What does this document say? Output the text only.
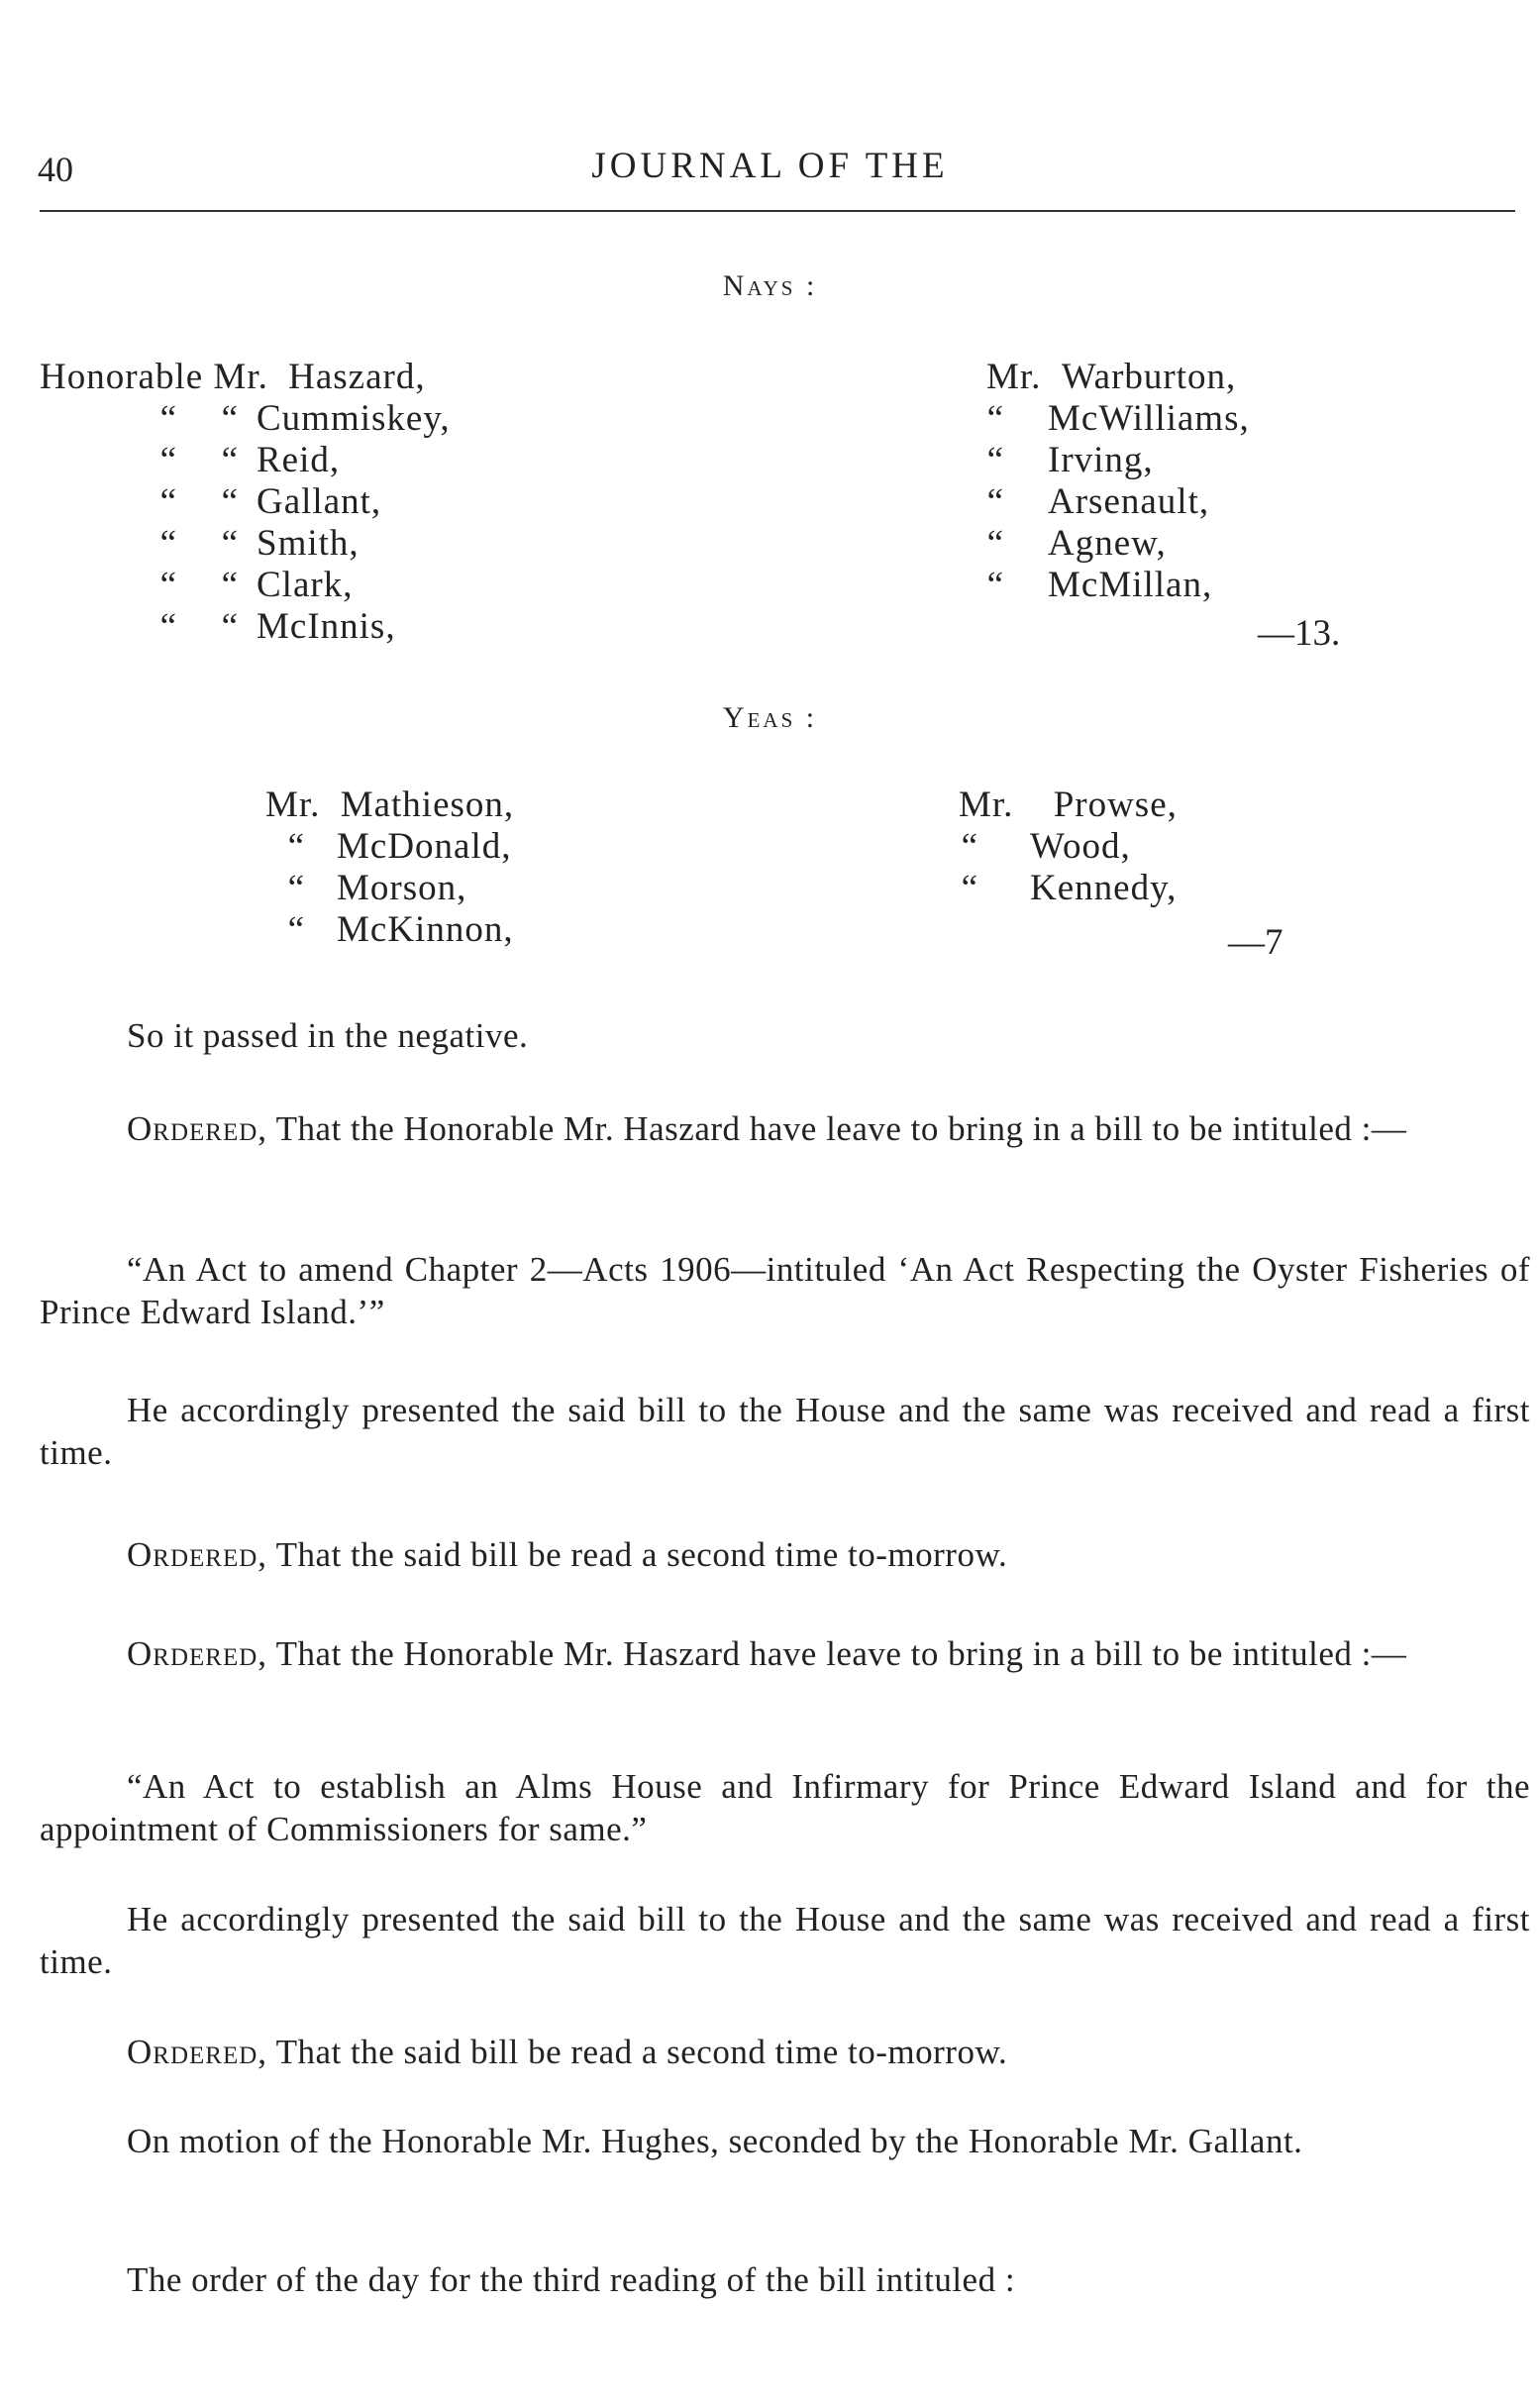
40	JOURNAL OF THE
Nays :
Honorable Mr. Haszard,
“ “ Cummiskey,
“ “ Reid,
“ “ Gallant,
“ “ Smith,
“ “ Clark,
“ “ McInnis,
Mr. Warburton,
“ McWilliams,
“ Irving,
“ Arsenault,
“ Agnew,
“ McMillan,
—13.
Yeas :
Mr. Mathieson,
“ McDonald,
“ Morson,
“ McKinnon,
Mr. Prowse,
“ Wood,
“ Kennedy,
—7
So it passed in the negative.
Ordered, That the Honorable Mr. Haszard have leave to bring in a bill to be intituled :—
“An Act to amend Chapter 2—Acts 1906—intituled ‘An Act Respecting the Oyster Fisheries of Prince Edward Island.’”
He accordingly presented the said bill to the House and the same was received and read a first time.
Ordered, That the said bill be read a second time to-morrow.
Ordered, That the Honorable Mr. Haszard have leave to bring in a bill to be intituled :—
“An Act to establish an Alms House and Infirmary for Prince Edward Island and for the appointment of Commissioners for same.”
He accordingly presented the said bill to the House and the same was received and read a first time.
Ordered, That the said bill be read a second time to-morrow.
On motion of the Honorable Mr. Hughes, seconded by the Honorable Mr. Gallant.
The order of the day for the third reading of the bill intituled :
